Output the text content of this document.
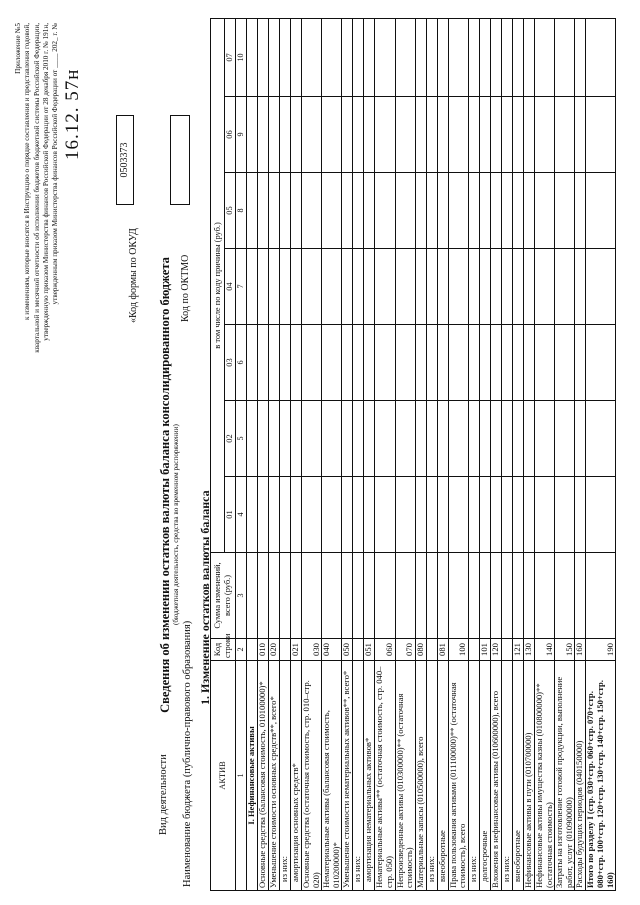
Приложение №5 к изменениям, которые вносятся в Инструкцию о порядке составления и представления годовой, квартальной и месячной отчетности об исполнении бюджетов бюджетной системы Российской Федерации, утвержденную приказом Министерства финансов Российской Федерации от 28 декабря 2010 г. № 191н, утвержденным приказом Министерства финансов Российской Федерации от ____ 202_ г. № 16.12. 57н
Сведения об изменении остатков валюты баланса консолидированного бюджета (бюджетная деятельность, средства во временном распоряжении)
«Код формы по ОКУД
0503373
Код по ОКТМО
Вид деятельности Наименование бюджета (публично-правового образования)
1. Изменение остатков валюты баланса
АКТИВ	Код строки	Сумма изменений, всего (руб.)	в том числе по коду причины (руб.)						
			01	02	03	04	05	06	07
1	2	3	4	5	6	7	8	9	10
I. Нефинансовые активы									
Основные средства (балансовая стоимость, 010100000)*	010								
Уменьшение стоимости основных средств**, всего*	020								
из них:									
амортизация основных средств*	021								
Основные средства (остаточная стоимость, стр. 010–стр. 020)	030								
Нематериальные активы (балансовая стоимость, 010200000)*	040								
Уменьшение стоимости нематериальных активов**, всего*	050								
из них:									
амортизация нематериальных активов*	051								
Нематериальные активы** (остаточная стоимость, стр. 040–стр. 050)	060								
Непроизведенные активы (010300000)** (остаточная стоимость)	070								
Материальные запасы (010500000), всего	080								
из них:									
внеоборотные	081								
Права пользования активами (011100000)** (остаточная стоимость), всего	100								
из них:									
долгосрочные	101								
Вложения в нефинансовые активы (010600000), всего	120								
из них:									
внеоборотные	121								
Нефинансовые активы в пути (010700000)	130								
Нефинансовые активы имущества казны (010800000)** (остаточная стоимость)	140								
Затраты на изготовление готовой продукции, выполнение работ, услуг (010900000)	150								
Расходы будущих периодов (040150000)	160								
Итого по разделу I (стр. 030+стр. 060+стр. 070+стр. 080+стр. 100+стр. 120+стр. 130+стр. 140+стр. 150+стр. 160)	190								
